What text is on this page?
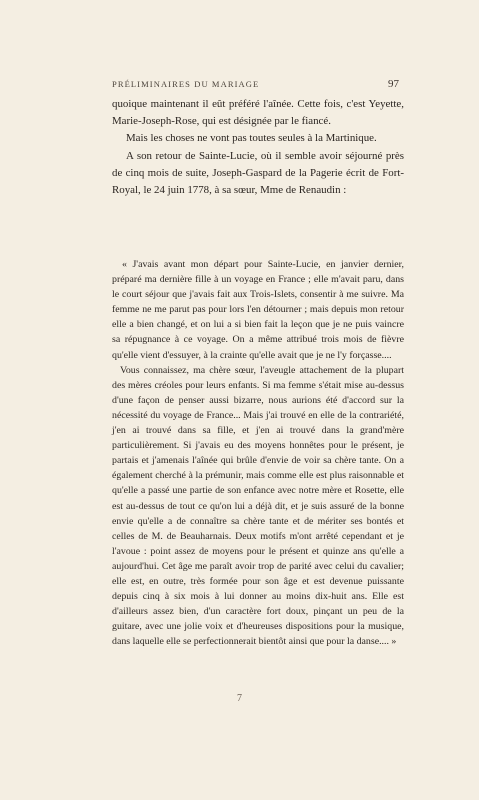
PRÉLIMINAIRES DU MARIAGE	97

quoique maintenant il eût préféré l'aînée. Cette fois, c'est Yeyette, Marie-Joseph-Rose, qui est désignée par le fiancé.

Mais les choses ne vont pas toutes seules à la Martinique.

A son retour de Sainte-Lucie, où il semble avoir séjourné près de cinq mois de suite, Joseph-Gaspard de la Pagerie écrit de Fort-Royal, le 24 juin 1778, à sa sœur, Mme de Renaudin :

« J'avais avant mon départ pour Sainte-Lucie, en janvier dernier, préparé ma dernière fille à un voyage en France ; elle m'avait paru, dans le court séjour que j'avais fait aux Trois-Islets, consentir à me suivre. Ma femme ne me parut pas pour lors l'en détourner ; mais depuis mon retour elle a bien changé, et on lui a si bien fait la leçon que je ne puis vaincre sa répugnance à ce voyage. On a même attribué trois mois de fièvre qu'elle vient d'essuyer, à la crainte qu'elle avait que je ne l'y forçasse....

Vous connaissez, ma chère sœur, l'aveugle attachement de la plupart des mères créoles pour leurs enfants. Si ma femme s'était mise au-dessus d'une façon de penser aussi bizarre, nous aurions été d'accord sur la nécessité du voyage de France... Mais j'ai trouvé en elle de la contrariété, j'en ai trouvé dans sa fille, et j'en ai trouvé dans la grand'mère particulièrement. Si j'avais eu des moyens honnêtes pour le présent, je partais et j'amenais l'aînée qui brûle d'envie de voir sa chère tante. On a également cherché à la prémunir, mais comme elle est plus raisonnable et qu'elle a passé une partie de son enfance avec notre mère et Rosette, elle est au-dessus de tout ce qu'on lui a déjà dit, et je suis assuré de la bonne envie qu'elle a de connaître sa chère tante et de mériter ses bontés et celles de M. de Beauharnais. Deux motifs m'ont arrêté cependant et je l'avoue : point assez de moyens pour le présent et quinze ans qu'elle a aujourd'hui. Cet âge me paraît avoir trop de parité avec celui du cavalier; elle est, en outre, très formée pour son âge et est devenue puissante depuis cinq à six mois à lui donner au moins dix-huit ans. Elle est d'ailleurs assez bien, d'un caractère fort doux, pinçant un peu de la guitare, avec une jolie voix et d'heureuses dispositions pour la musique, dans laquelle elle se perfectionnerait bientôt ainsi que pour la danse.... »

7
